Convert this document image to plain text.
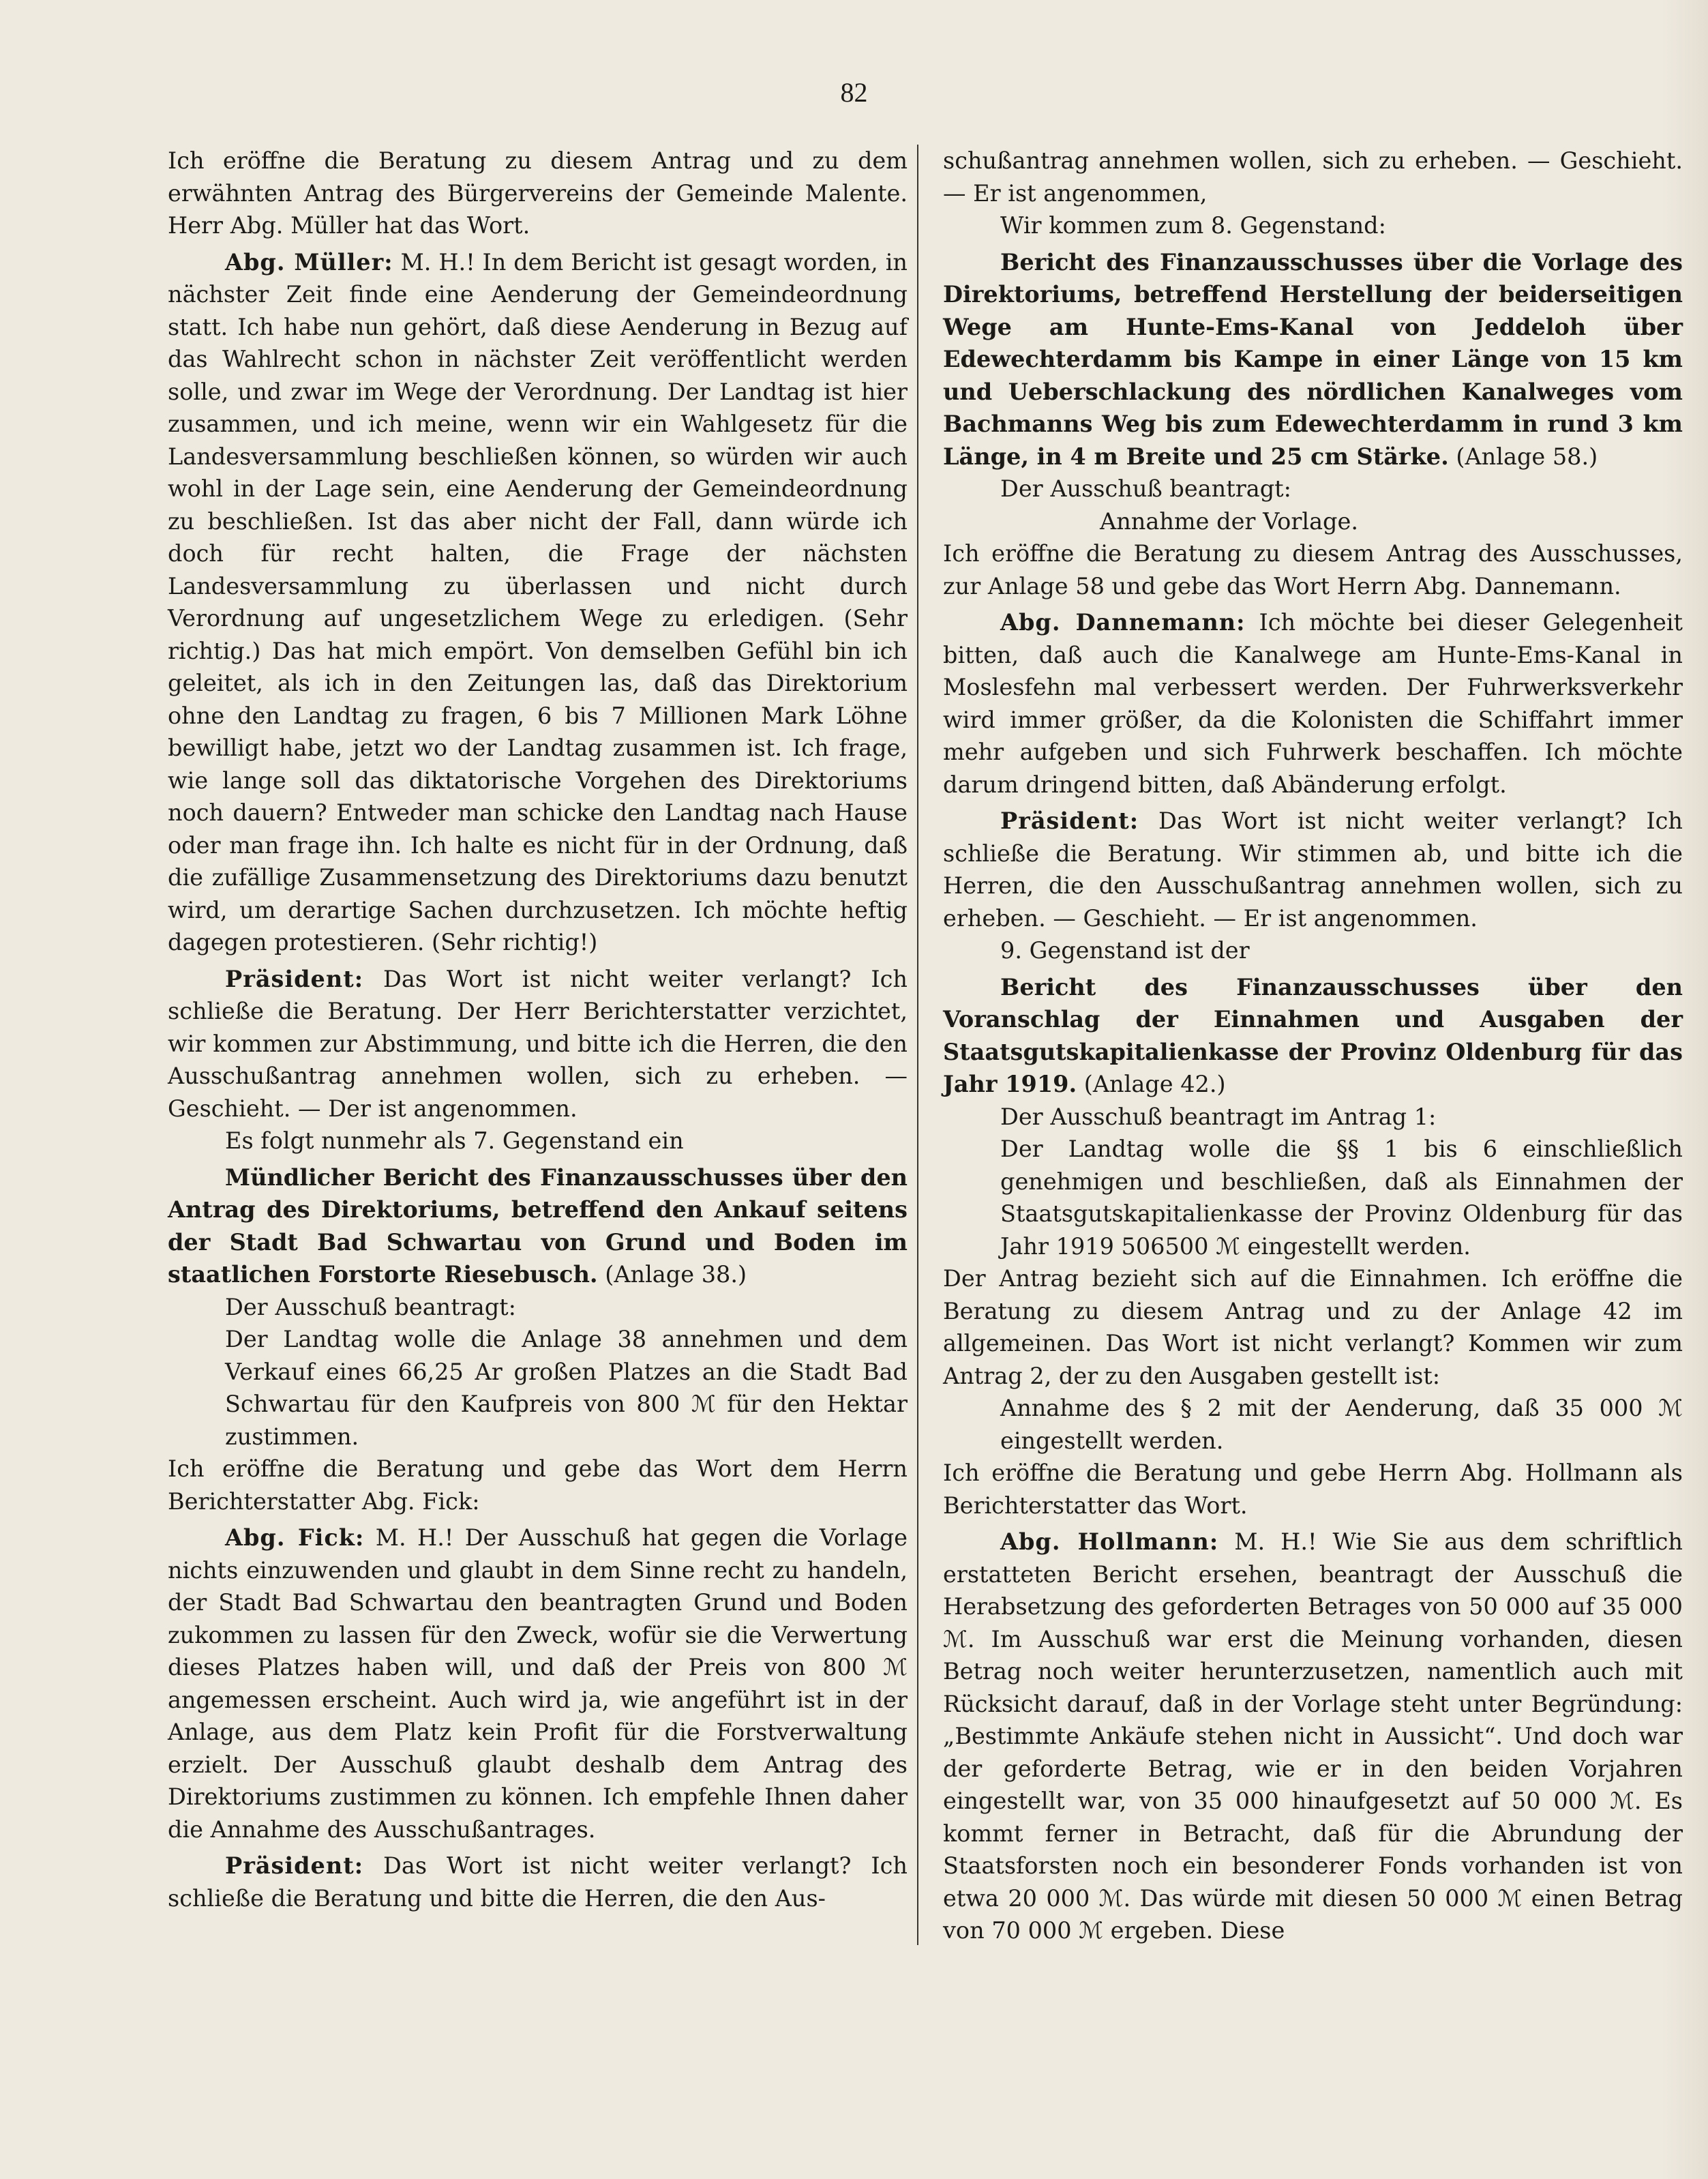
82

Ich eröffne die Beratung zu diesem Antrag und zu dem erwähnten Antrag des Bürgervereins der Gemeinde Malente. Herr Abg. Müller hat das Wort.

Abg. Müller: M. H.! In dem Bericht ist gesagt worden, in nächster Zeit finde eine Aenderung der Gemeindeordnung statt. Ich habe nun gehört, daß diese Aenderung in Bezug auf das Wahlrecht schon in nächster Zeit veröffentlicht werden solle, und zwar im Wege der Verordnung. Der Landtag ist hier zusammen, und ich meine, wenn wir ein Wahlgesetz für die Landesversammlung beschließen können, so würden wir auch wohl in der Lage sein, eine Aenderung der Gemeindeordnung zu beschließen. Ist das aber nicht der Fall, dann würde ich doch für recht halten, die Frage der nächsten Landesversammlung zu überlassen und nicht durch Verordnung auf ungesetzlichem Wege zu erledigen. (Sehr richtig.) Das hat mich empört. Von demselben Gefühl bin ich geleitet, als ich in den Zeitungen las, daß das Direktorium ohne den Landtag zu fragen, 6 bis 7 Millionen Mark Löhne bewilligt habe, jetzt wo der Landtag zusammen ist. Ich frage, wie lange soll das diktatorische Vorgehen des Direktoriums noch dauern? Entweder man schicke den Landtag nach Hause oder man frage ihn. Ich halte es nicht für in der Ordnung, daß die zufällige Zusammensetzung des Direktoriums dazu benutzt wird, um derartige Sachen durchzusetzen. Ich möchte heftig dagegen protestieren. (Sehr richtig!)

Präsident: Das Wort ist nicht weiter verlangt? Ich schließe die Beratung. Der Herr Berichterstatter verzichtet, wir kommen zur Abstimmung, und bitte ich die Herren, die den Ausschußantrag annehmen wollen, sich zu erheben. — Geschieht. — Der ist angenommen.

Es folgt nunmehr als 7. Gegenstand ein

Mündlicher Bericht des Finanzausschusses über den Antrag des Direktoriums, betreffend den Ankauf seitens der Stadt Bad Schwartau von Grund und Boden im staatlichen Forstorte Riesebusch. (Anlage 38.)

Der Ausschuß beantragt:

Der Landtag wolle die Anlage 38 annehmen und dem Verkauf eines 66,25 Ar großen Platzes an die Stadt Bad Schwartau für den Kaufpreis von 800 ℳ für den Hektar zustimmen.

Ich eröffne die Beratung und gebe das Wort dem Herrn Berichterstatter Abg. Fick:

Abg. Fick: M. H.! Der Ausschuß hat gegen die Vorlage nichts einzuwenden und glaubt in dem Sinne recht zu handeln, der Stadt Bad Schwartau den beantragten Grund und Boden zukommen zu lassen für den Zweck, wofür sie die Verwertung dieses Platzes haben will, und daß der Preis von 800 ℳ angemessen erscheint. Auch wird ja, wie angeführt ist in der Anlage, aus dem Platz kein Profit für die Forstverwaltung erzielt. Der Ausschuß glaubt deshalb dem Antrag des Direktoriums zustimmen zu können. Ich empfehle Ihnen daher die Annahme des Ausschußantrages.

Präsident: Das Wort ist nicht weiter verlangt? Ich schließe die Beratung und bitte die Herren, die den Aus-

schußantrag annehmen wollen, sich zu erheben. — Geschieht. — Er ist angenommen,

Wir kommen zum 8. Gegenstand:

Bericht des Finanzausschusses über die Vorlage des Direktoriums, betreffend Herstellung der beiderseitigen Wege am Hunte-Ems-Kanal von Jeddeloh über Edewechterdamm bis Kampe in einer Länge von 15 km und Ueberschlackung des nördlichen Kanalweges vom Bachmanns Weg bis zum Edewechterdamm in rund 3 km Länge, in 4 m Breite und 25 cm Stärke. (Anlage 58.)

Der Ausschuß beantragt:

Annahme der Vorlage.

Ich eröffne die Beratung zu diesem Antrag des Ausschusses, zur Anlage 58 und gebe das Wort Herrn Abg. Dannemann.

Abg. Dannemann: Ich möchte bei dieser Gelegenheit bitten, daß auch die Kanalwege am Hunte-Ems-Kanal in Moslesfehn mal verbessert werden. Der Fuhrwerksverkehr wird immer größer, da die Kolonisten die Schiffahrt immer mehr aufgeben und sich Fuhrwerk beschaffen. Ich möchte darum dringend bitten, daß Abänderung erfolgt.

Präsident: Das Wort ist nicht weiter verlangt? Ich schließe die Beratung. Wir stimmen ab, und bitte ich die Herren, die den Ausschußantrag annehmen wollen, sich zu erheben. — Geschieht. — Er ist angenommen.

9. Gegenstand ist der

Bericht des Finanzausschusses über den Voranschlag der Einnahmen und Ausgaben der Staatsgutskapitalienkasse der Provinz Oldenburg für das Jahr 1919. (Anlage 42.)

Der Ausschuß beantragt im Antrag 1:

Der Landtag wolle die §§ 1 bis 6 einschließlich genehmigen und beschließen, daß als Einnahmen der Staatsgutskapitalienkasse der Provinz Oldenburg für das Jahr 1919 506500 ℳ eingestellt werden.

Der Antrag bezieht sich auf die Einnahmen. Ich eröffne die Beratung zu diesem Antrag und zu der Anlage 42 im allgemeinen. Das Wort ist nicht verlangt? Kommen wir zum Antrag 2, der zu den Ausgaben gestellt ist:

Annahme des § 2 mit der Aenderung, daß 35 000 ℳ eingestellt werden.

Ich eröffne die Beratung und gebe Herrn Abg. Hollmann als Berichterstatter das Wort.

Abg. Hollmann: M. H.! Wie Sie aus dem schriftlich erstatteten Bericht ersehen, beantragt der Ausschuß die Herabsetzung des geforderten Betrages von 50 000 auf 35 000 ℳ. Im Ausschuß war erst die Meinung vorhanden, diesen Betrag noch weiter herunterzusetzen, namentlich auch mit Rücksicht darauf, daß in der Vorlage steht unter Begründung: „Bestimmte Ankäufe stehen nicht in Aussicht“. Und doch war der geforderte Betrag, wie er in den beiden Vorjahren eingestellt war, von 35 000 hinaufgesetzt auf 50 000 ℳ. Es kommt ferner in Betracht, daß für die Abrundung der Staatsforsten noch ein besonderer Fonds vorhanden ist von etwa 20 000 ℳ. Das würde mit diesen 50 000 ℳ einen Betrag von 70 000 ℳ ergeben. Diese
